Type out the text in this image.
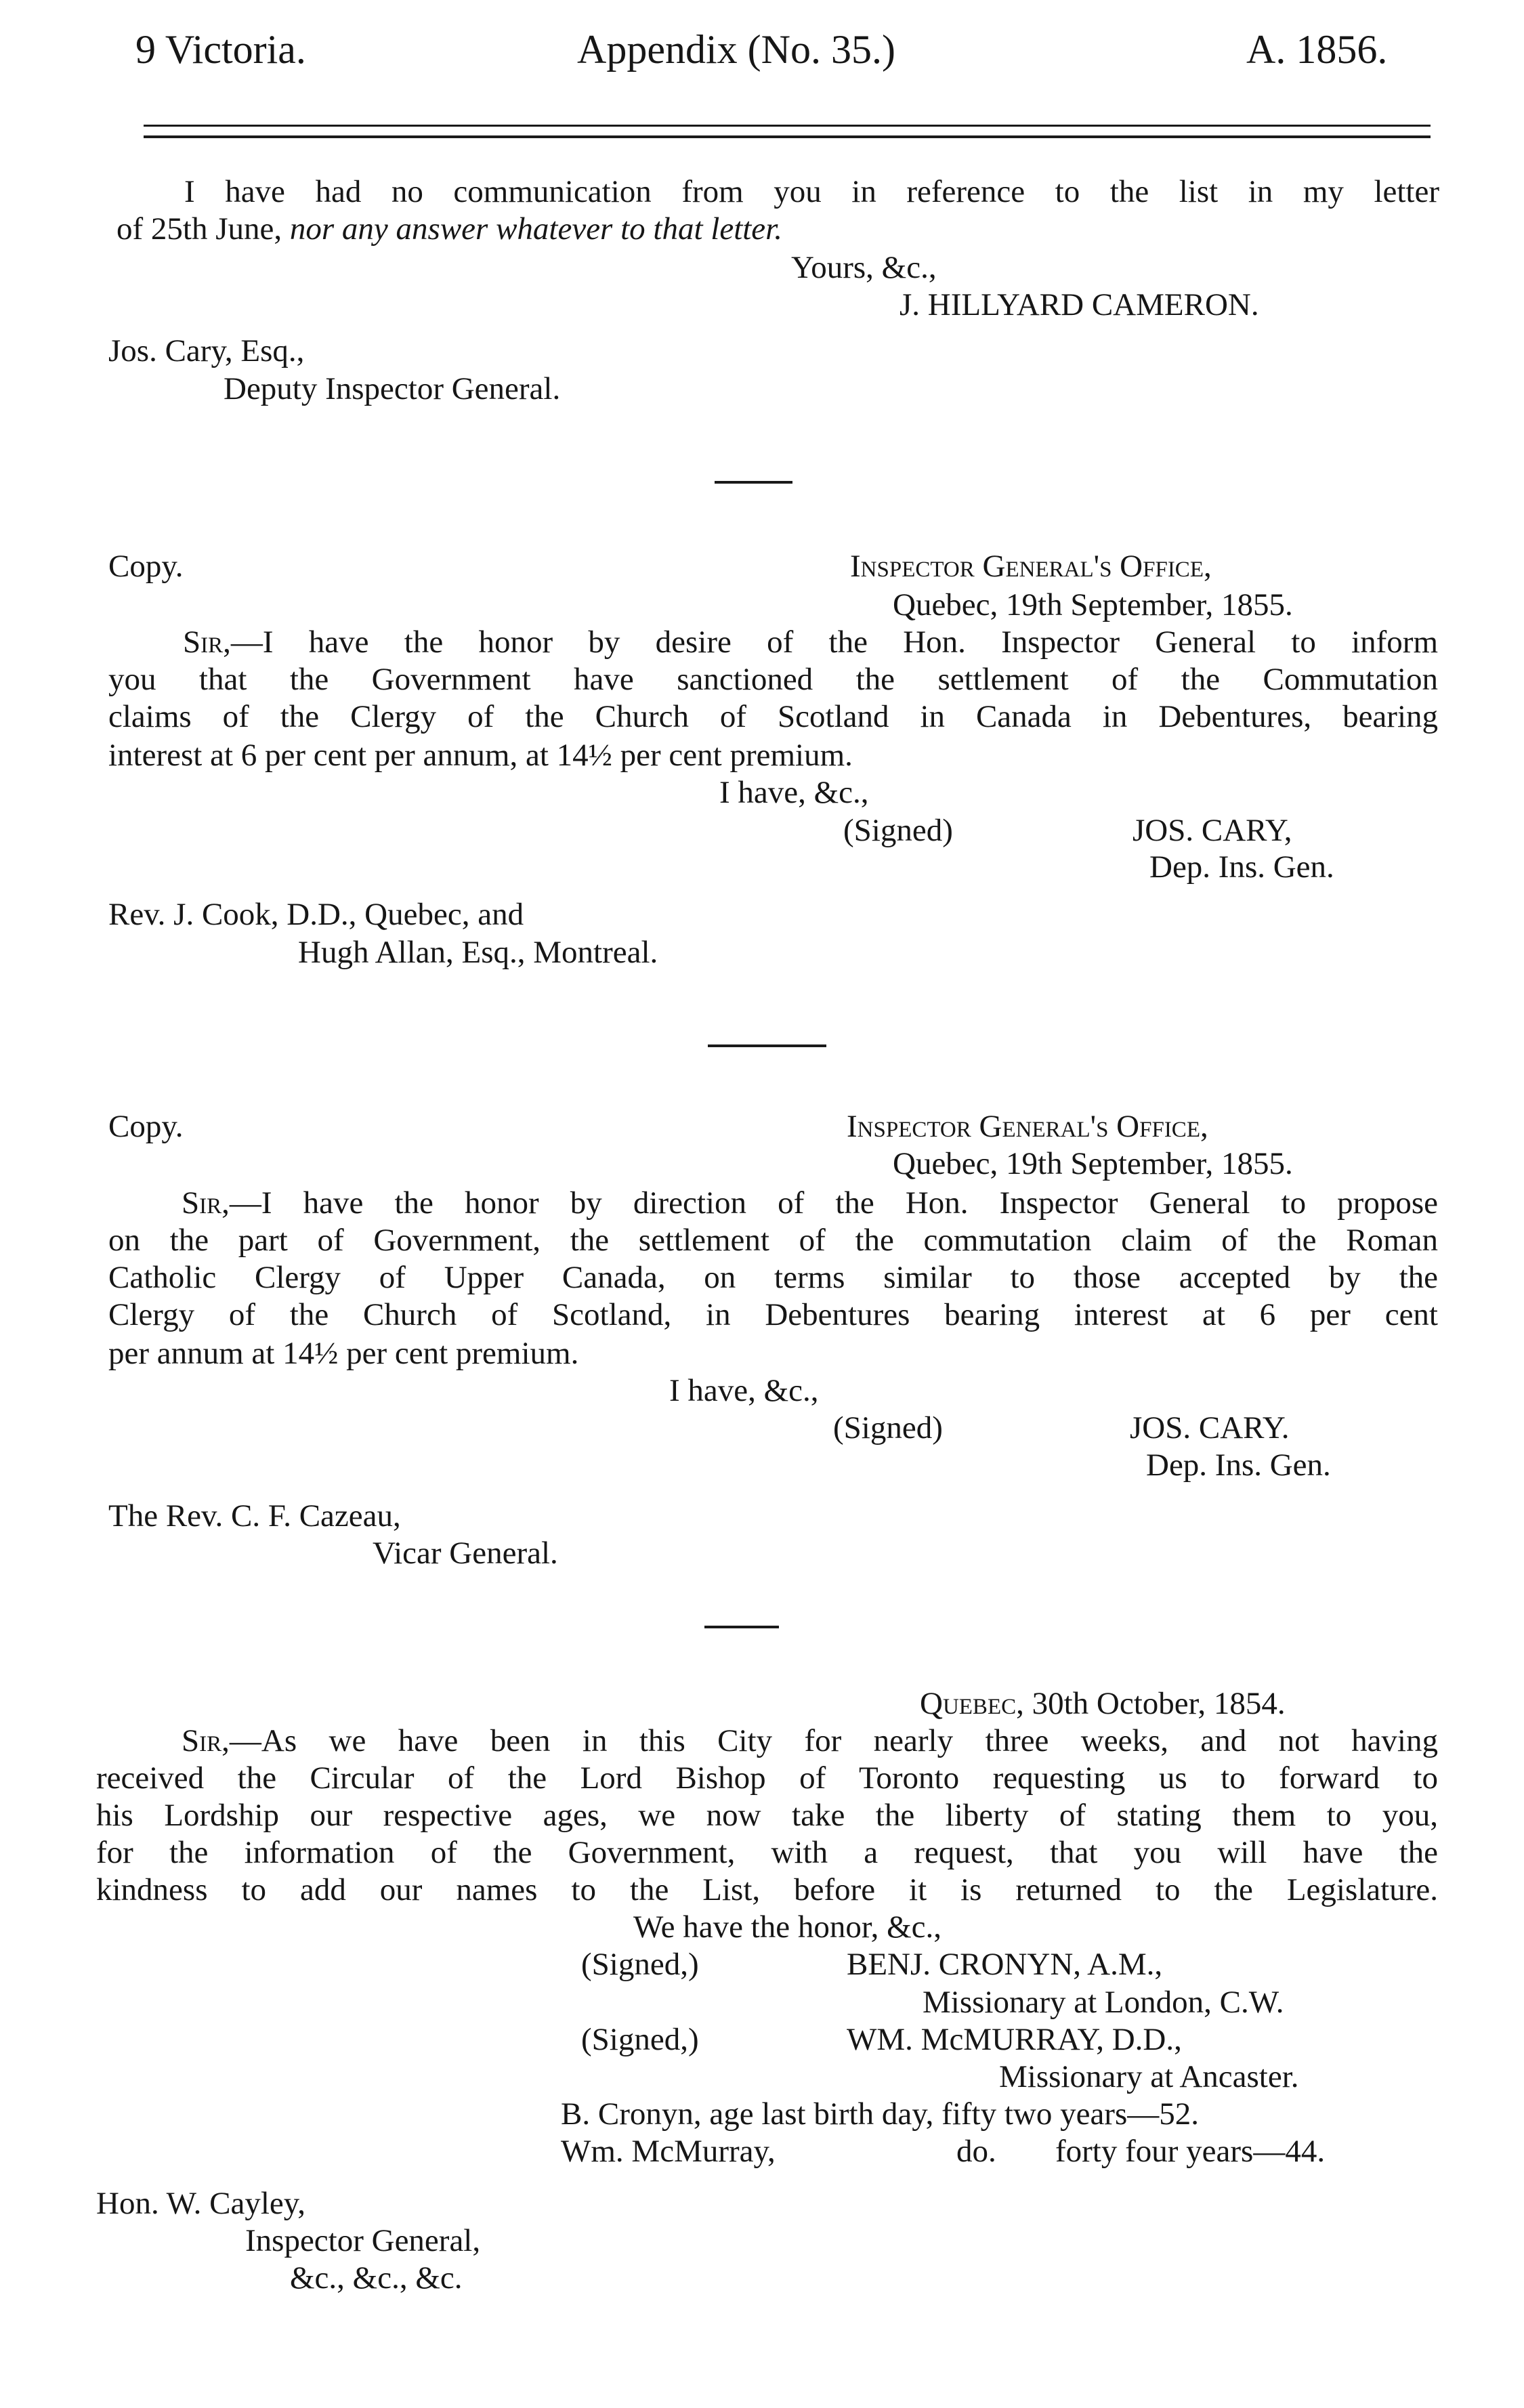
9 Victoria.	Appendix (No. 35.)	A. 1856.
I have had no communication from you in reference to the list in my letter
of 25th June, nor any answer whatever to that letter.
Yours, &c.,
J. HILLYARD CAMERON.
Jos. Cary, Esq.,
Deputy Inspector General.
Copy.	Inspector General's Office,
Quebec, 19th September, 1855.
Sir,—I have the honor by desire of the Hon. Inspector General to inform
you that the Government have sanctioned the settlement of the Commutation
claims of the Clergy of the Church of Scotland in Canada in Debentures, bearing
interest at 6 per cent per annum, at 14½ per cent premium.
I have, &c.,
(Signed)	JOS. CARY,
Dep. Ins. Gen.
Rev. J. Cook, D.D., Quebec, and
Hugh Allan, Esq., Montreal.
Copy.	Inspector General's Office,
Quebec, 19th September, 1855.
Sir,—I have the honor by direction of the Hon. Inspector General to propose
on the part of Government, the settlement of the commutation claim of the Roman
Catholic Clergy of Upper Canada, on terms similar to those accepted by the
Clergy of the Church of Scotland, in Debentures bearing interest at 6 per cent
per annum at 14½ per cent premium.
I have, &c.,
(Signed)	JOS. CARY.
Dep. Ins. Gen.
The Rev. C. F. Cazeau,
Vicar General.
Quebec, 30th October, 1854.
Sir,—As we have been in this City for nearly three weeks, and not having
received the Circular of the Lord Bishop of Toronto requesting us to forward to
his Lordship our respective ages, we now take the liberty of stating them to you,
for the information of the Government, with a request, that you will have the
kindness to add our names to the List, before it is returned to the Legislature.
We have the honor, &c.,
(Signed,)	BENJ. CRONYN, A.M.,
Missionary at London, C.W.
(Signed,)	WM. McMURRAY, D.D.,
Missionary at Ancaster.
B. Cronyn, age last birth day, fifty two years—52.
Wm. McMurray,	do. forty four years—44.
Hon. W. Cayley,
Inspector General,
&c., &c., &c.
